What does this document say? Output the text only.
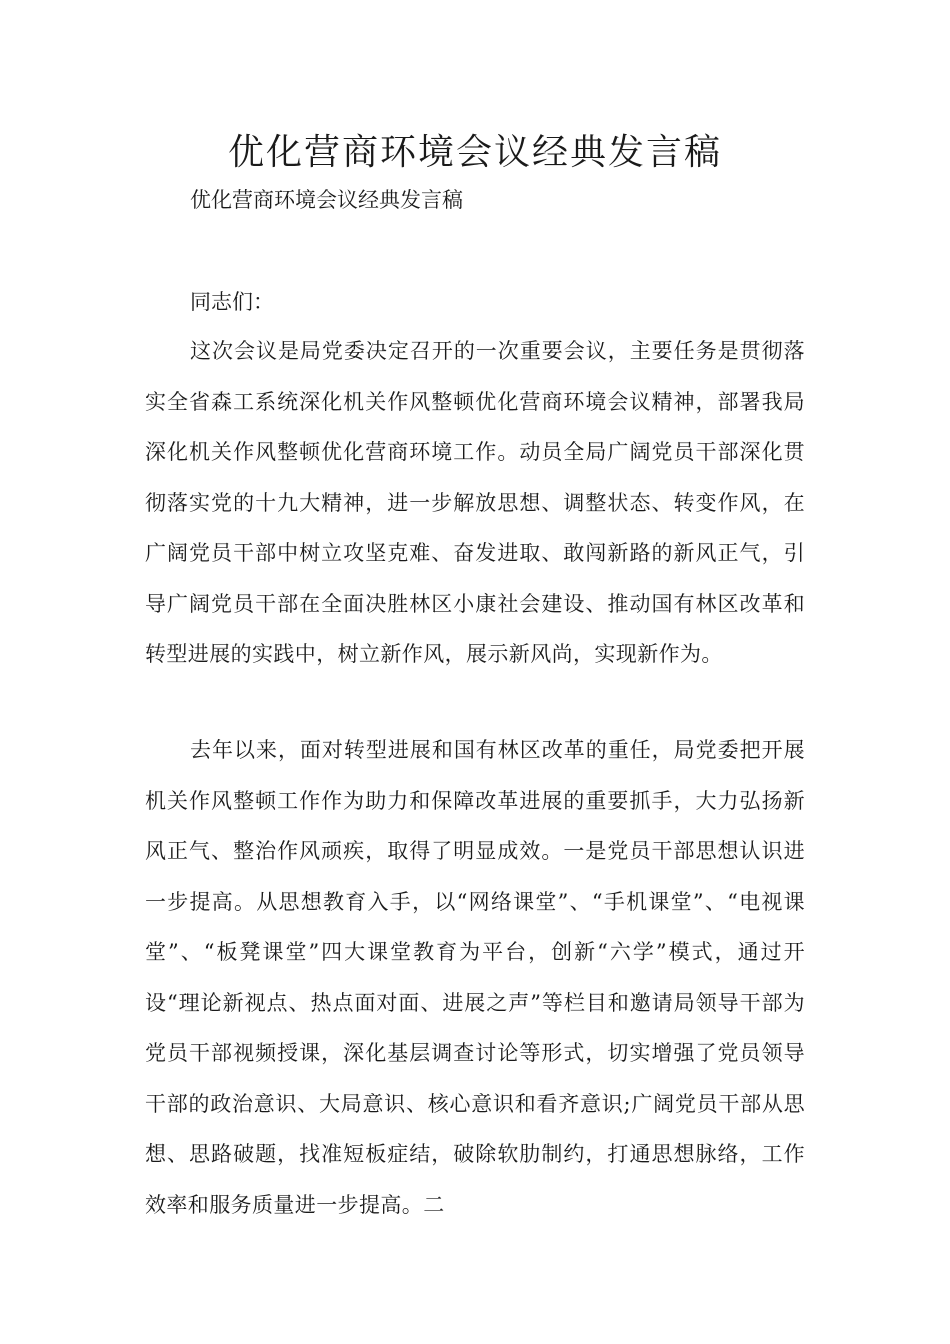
优化营商环境会议经典发言稿

优化营商环境会议经典发言稿

同志们：

这次会议是局党委决定召开的一次重要会议，主要任务是贯彻落实全省森工系统深化机关作风整顿优化营商环境会议精神，部署我局深化机关作风整顿优化营商环境工作。动员全局广阔党员干部深化贯彻落实党的十九大精神，进一步解放思想、调整状态、转变作风，在广阔党员干部中树立攻坚克难、奋发进取、敢闯新路的新风正气，引导广阔党员干部在全面决胜林区小康社会建设、推动国有林区改革和转型进展的实践中，树立新作风，展示新风尚，实现新作为。

去年以来，面对转型进展和国有林区改革的重任，局党委把开展机关作风整顿工作作为助力和保障改革进展的重要抓手，大力弘扬新风正气、整治作风顽疾，取得了明显成效。一是党员干部思想认识进一步提高。从思想教育入手，以“网络课堂”、“手机课堂”、“电视课堂”、“板凳课堂”四大课堂教育为平台，创新“六学”模式，通过开设“理论新视点、热点面对面、进展之声”等栏目和邀请局领导干部为党员干部视频授课，深化基层调查讨论等形式，切实增强了党员领导干部的政治意识、大局意识、核心意识和看齐意识;广阔党员干部从思想、思路破题，找准短板症结，破除软肋制约，打通思想脉络，工作效率和服务质量进一步提高。二
